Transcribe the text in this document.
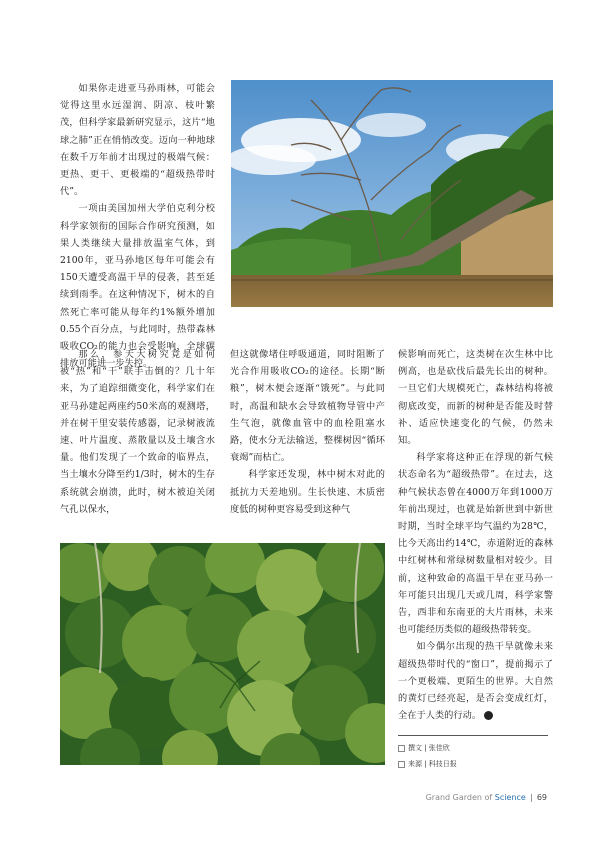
如果你走进亚马孙雨林，可能会觉得这里水远湿润、阴凉、枝叶繁茂，但科学家最新研究显示，这片“地球之肺”正在悄悄改变。迈向一种地球在数千万年前才出现过的极端气候：更热、更干、更极端的“超级热带时代”。

一项由美国加州大学伯克利分校科学家领衔的国际合作研究预测，如果人类继续大量排放温室气体，到2100年，亚马孙地区每年可能会有150天遭受高温干旱的侵袭，甚至延续到雨季。在这种情况下，树木的自然死亡率可能从每年约1%额外增加0.55个百分点，与此同时，热带森林吸收CO₂的能力也会受影响，全球碳排放可能进一步失控。

那么，参天大树究竟是如何被“热”和“干”联手击倒的？几十年来，为了追踪细微变化，科学家们在亚马孙建起两座约50米高的观测塔，并在树干里安装传感器，记录树液流速、叶片温度、蒸散量以及土壤含水量。他们发现了一个致命的临界点，当土壤水分降至约1/3时，树木的生存系统就会崩溃，此时，树木被迫关闭气孔以保水，

但这就像堵住呼吸通道，同时阻断了光合作用吸收CO₂的途径。长期“断粮”，树木便会逐渐“饿死”。与此同时，高温和缺水会导致植物导管中产生气泡，就像血管中的血栓阻塞水路，使水分无法输送，整棵树因“循环衰竭”而枯亡。

科学家还发现，林中树木对此的抵抗力天差地别。生长快速、木质密度低的树种更容易受到这种气

候影响而死亡，这类树在次生林中比例高，也是砍伐后最先长出的树种。一旦它们大规模死亡，森林结构将被彻底改变，而新的树种是否能及时替补、适应快速变化的气候，仍然未知。

科学家将这种正在浮现的新气候状态命名为“超级热带”。在过去，这种气候状态曾在4000万年到1000万年前出现过，也就是始新世到中新世时期，当时全球平均气温约为28℃，比今天高出约14℃，赤道附近的森林中红树林和常绿树数量相对较少。目前，这种致命的高温干旱在亚马孙一年可能只出现几天或几周，科学家警告，西非和东南亚的大片雨林，未来也可能经历类似的超级热带转变。

如今偶尔出现的热干旱就像未来超级热带时代的“窗口”，提前揭示了一个更极端、更陌生的世界。大自然的黄灯已经亮起，是否会变成红灯，全在于人类的行动。	S

撰文 | 张佳欣
来源 | 科技日报
Grand Garden of Science 69
